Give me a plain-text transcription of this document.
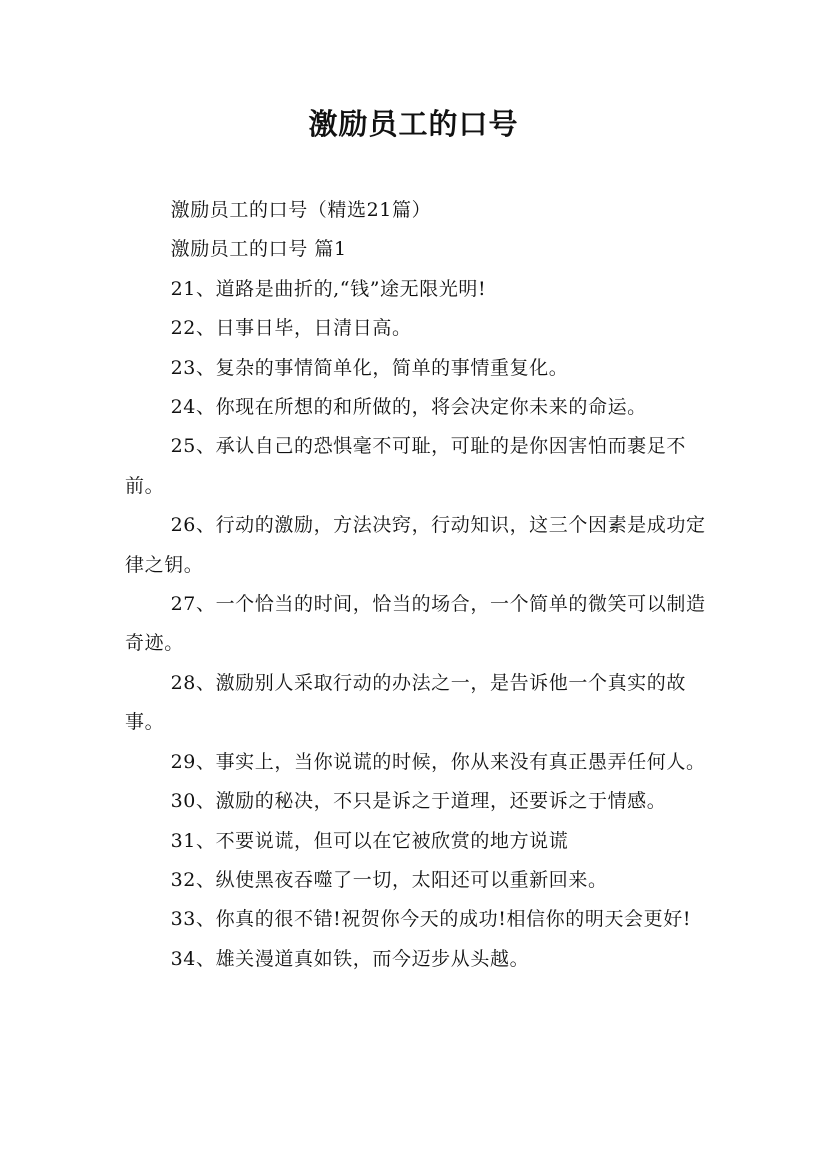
激励员工的口号

激励员工的口号（精选21篇）

激励员工的口号 篇1

21、道路是曲折的,“钱”途无限光明!

22、日事日毕，日清日高。

23、复杂的事情简单化，简单的事情重复化。

24、你现在所想的和所做的，将会决定你未来的命运。

25、承认自己的恐惧毫不可耻，可耻的是你因害怕而裹足不前。

26、行动的激励，方法决窍，行动知识，这三个因素是成功定律之钥。

27、一个恰当的时间，恰当的场合，一个简单的微笑可以制造奇迹。

28、激励别人采取行动的办法之一，是告诉他一个真实的故事。

29、事实上，当你说谎的时候，你从来没有真正愚弄任何人。

30、激励的秘决，不只是诉之于道理，还要诉之于情感。

31、不要说谎，但可以在它被欣赏的地方说谎

32、纵使黑夜吞噬了一切，太阳还可以重新回来。

33、你真的很不错!祝贺你今天的成功!相信你的明天会更好!

34、雄关漫道真如铁，而今迈步从头越。
